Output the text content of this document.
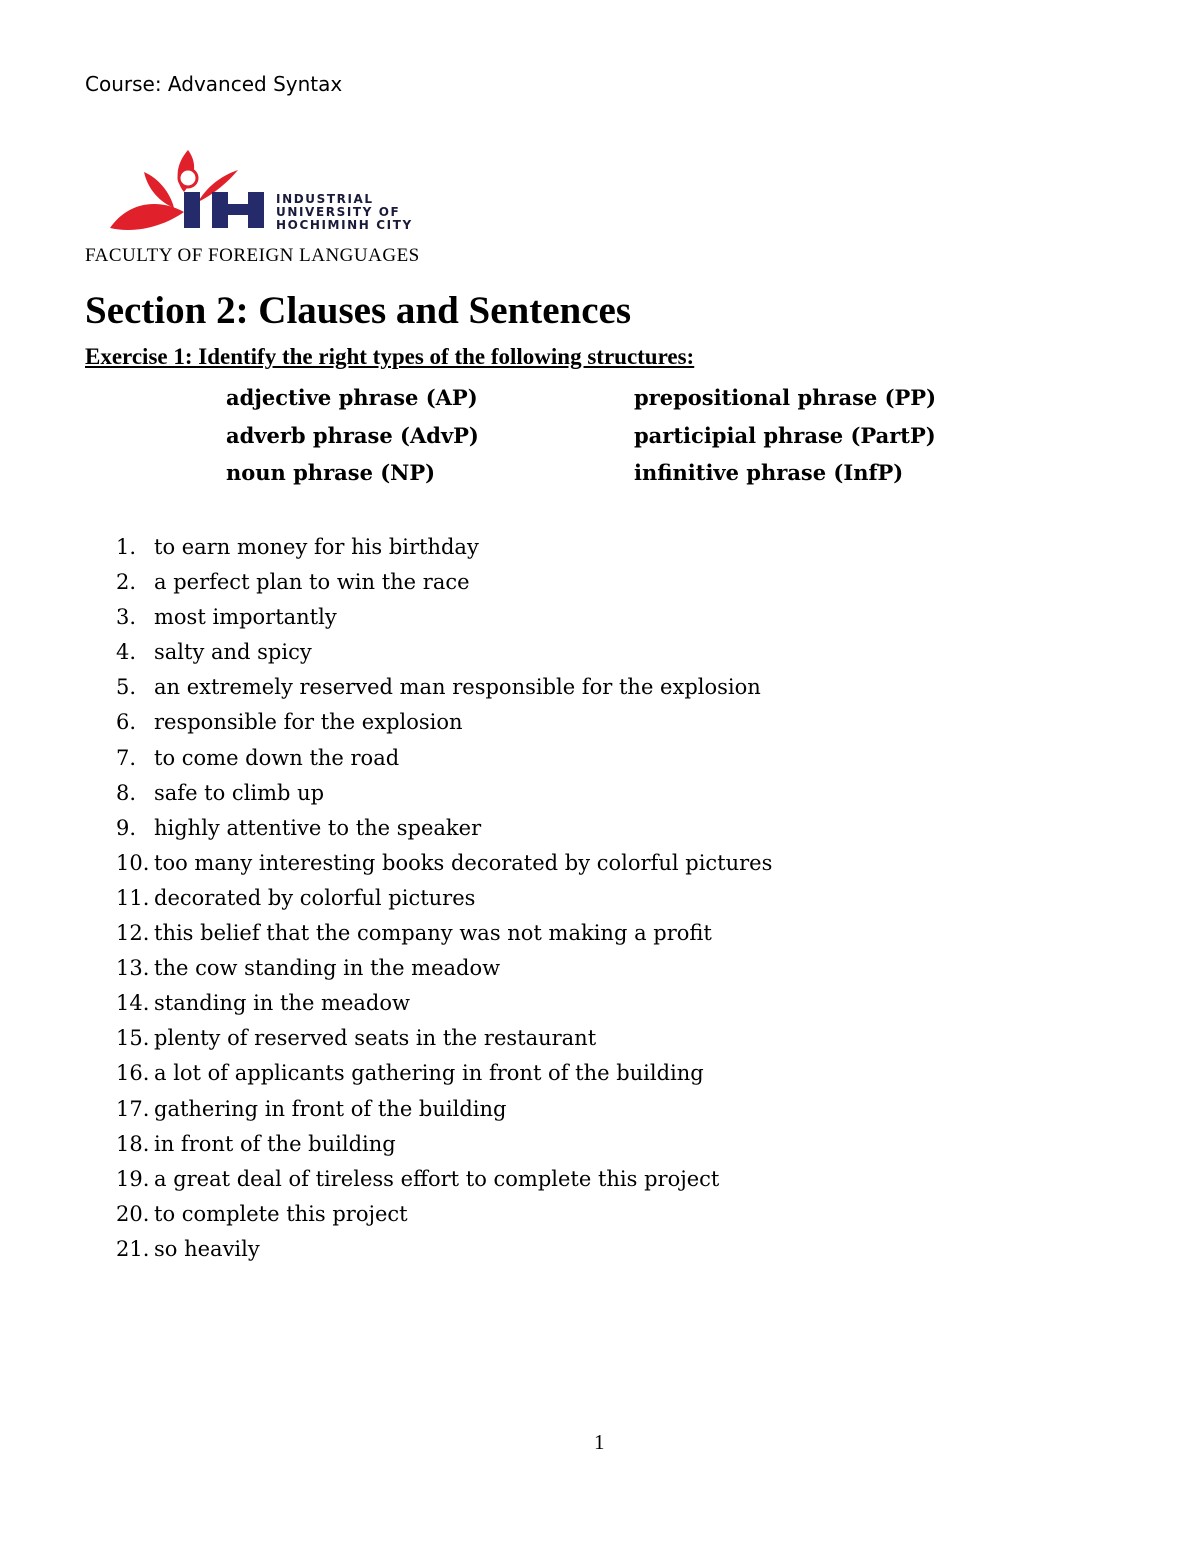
Course: Advanced Syntax
INDUSTRIAL
UNIVERSITY OF
HOCHIMINH CITY
FACULTY OF FOREIGN LANGUAGES
Section 2: Clauses and Sentences
Exercise 1: Identify the right types of the following structures:
adjective phrase (AP)	prepositional phrase (PP)
adverb phrase (AdvP)	participial phrase (PartP)
noun phrase (NP)	infinitive phrase (InfP)
1. to earn money for his birthday
2. a perfect plan to win the race
3. most importantly
4. salty and spicy
5. an extremely reserved man responsible for the explosion
6. responsible for the explosion
7. to come down the road
8. safe to climb up
9. highly attentive to the speaker
10. too many interesting books decorated by colorful pictures
11. decorated by colorful pictures
12. this belief that the company was not making a profit
13. the cow standing in the meadow
14. standing in the meadow
15. plenty of reserved seats in the restaurant
16. a lot of applicants gathering in front of the building
17. gathering in front of the building
18. in front of the building
19. a great deal of tireless effort to complete this project
20. to complete this project
21. so heavily
1
